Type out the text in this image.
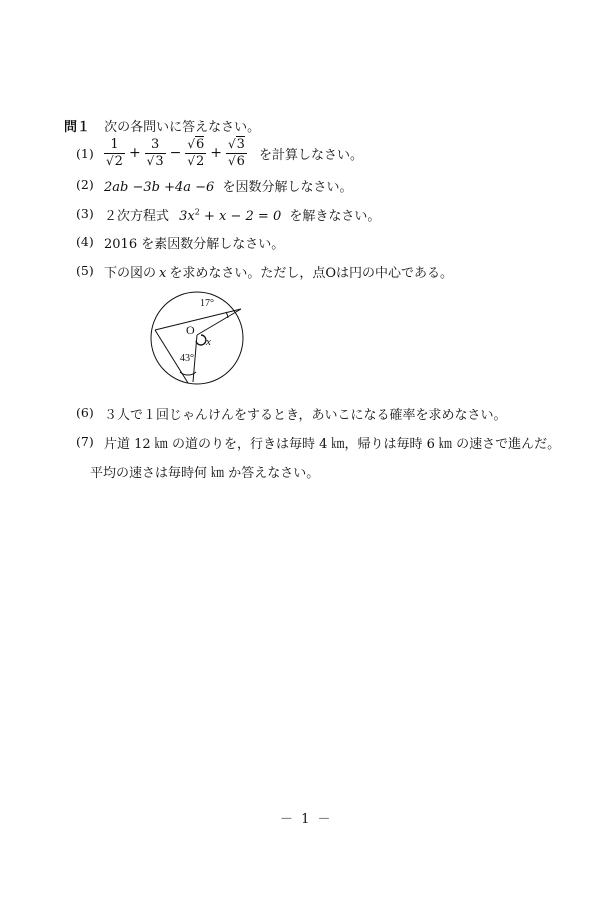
問１ 次の各問いに答えなさい。
$(1) \frac{1}{√2} + \frac{3}{√3} - \frac{√6}{√2} + \frac{√3}{√6}$ を計算しなさい。
(2) 2ab −3b +4a −6 を因数分解しなさい。
(3) ２次方程式 $3x^2 + x - 2 = 0$ を解きなさい。
(4) 2016 を素因数分解しなさい。
(5) 下の図の x を求めなさい。ただし，点Oは円の中心である。
17°
O
x
43°
(6) ３人で１回じゃんけんをするとき，あいこになる確率を求めなさい。
(7) 片道 12 ㎞ の道のりを，行きは毎時 4 ㎞，帰りは毎時 6 ㎞ の速さで進んだ。
平均の速さは毎時何 ㎞ か答えなさい。
－ 1 －
